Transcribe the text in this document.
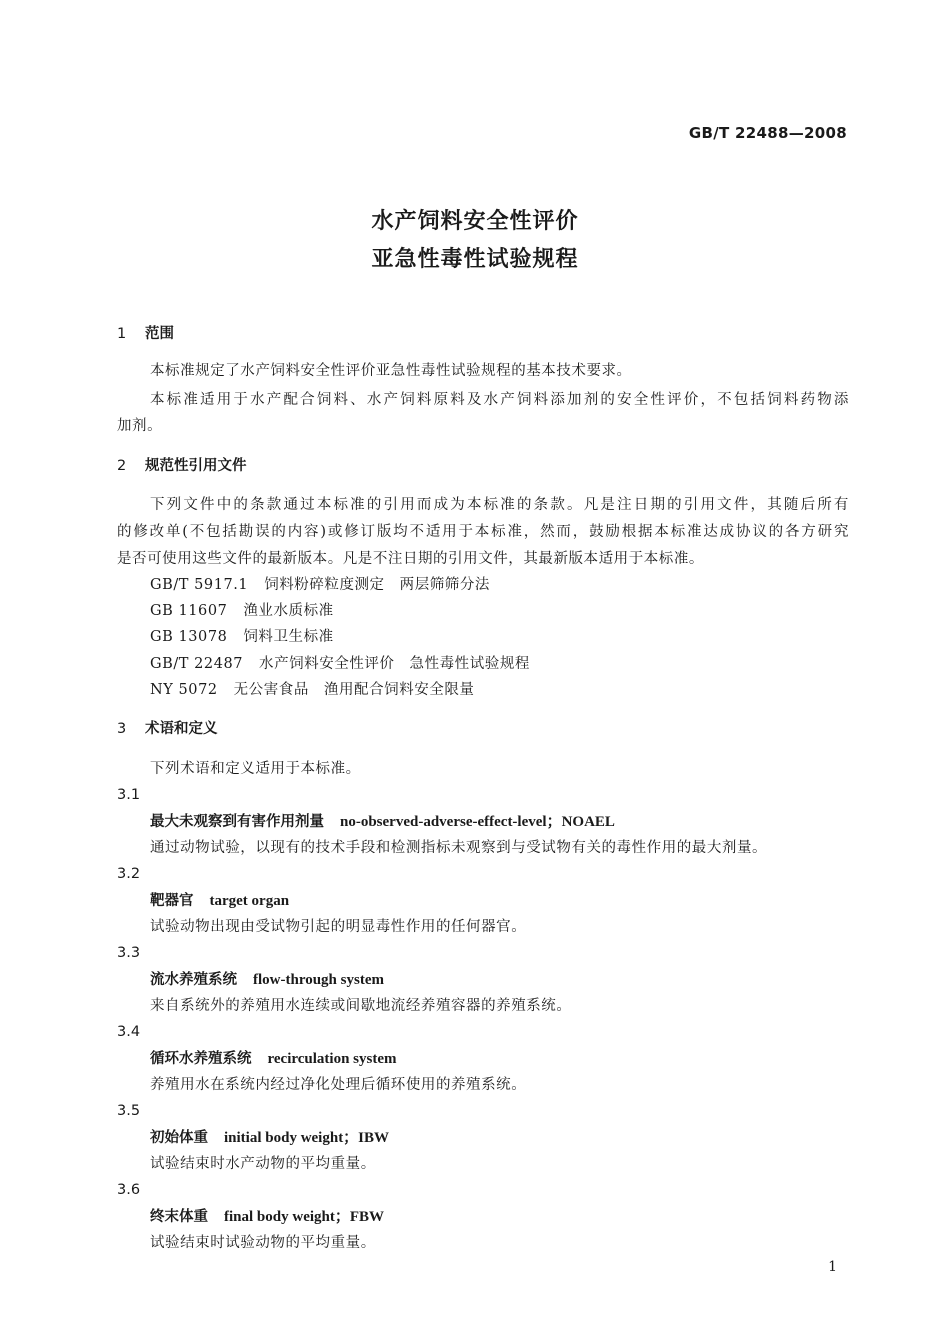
GB/T 22488—2008
水产饲料安全性评价
亚急性毒性试验规程
1 范围
本标准规定了水产饲料安全性评价亚急性毒性试验规程的基本技术要求。
本标准适用于水产配合饲料、水产饲料原料及水产饲料添加剂的安全性评价，不包括饲料药物添
加剂。
2 规范性引用文件
下列文件中的条款通过本标准的引用而成为本标准的条款。凡是注日期的引用文件，其随后所有
的修改单(不包括勘误的内容)或修订版均不适用于本标准，然而，鼓励根据本标准达成协议的各方研究
是否可使用这些文件的最新版本。凡是不注日期的引用文件，其最新版本适用于本标准。
GB/T 5917.1 饲料粉碎粒度测定　两层筛筛分法
GB 11607 渔业水质标准
GB 13078 饲料卫生标准
GB/T 22487 水产饲料安全性评价　急性毒性试验规程
NY 5072 无公害食品　渔用配合饲料安全限量
3 术语和定义
下列术语和定义适用于本标准。
3.1
最大未观察到有害作用剂量 no-observed-adverse-effect-level；NOAEL
通过动物试验，以现有的技术手段和检测指标未观察到与受试物有关的毒性作用的最大剂量。
3.2
靶器官 target organ
试验动物出现由受试物引起的明显毒性作用的任何器官。
3.3
流水养殖系统 flow-through system
来自系统外的养殖用水连续或间歇地流经养殖容器的养殖系统。
3.4
循环水养殖系统 recirculation system
养殖用水在系统内经过净化处理后循环使用的养殖系统。
3.5
初始体重 initial body weight；IBW
试验结束时水产动物的平均重量。
3.6
终末体重 final body weight；FBW
试验结束时试验动物的平均重量。
1
